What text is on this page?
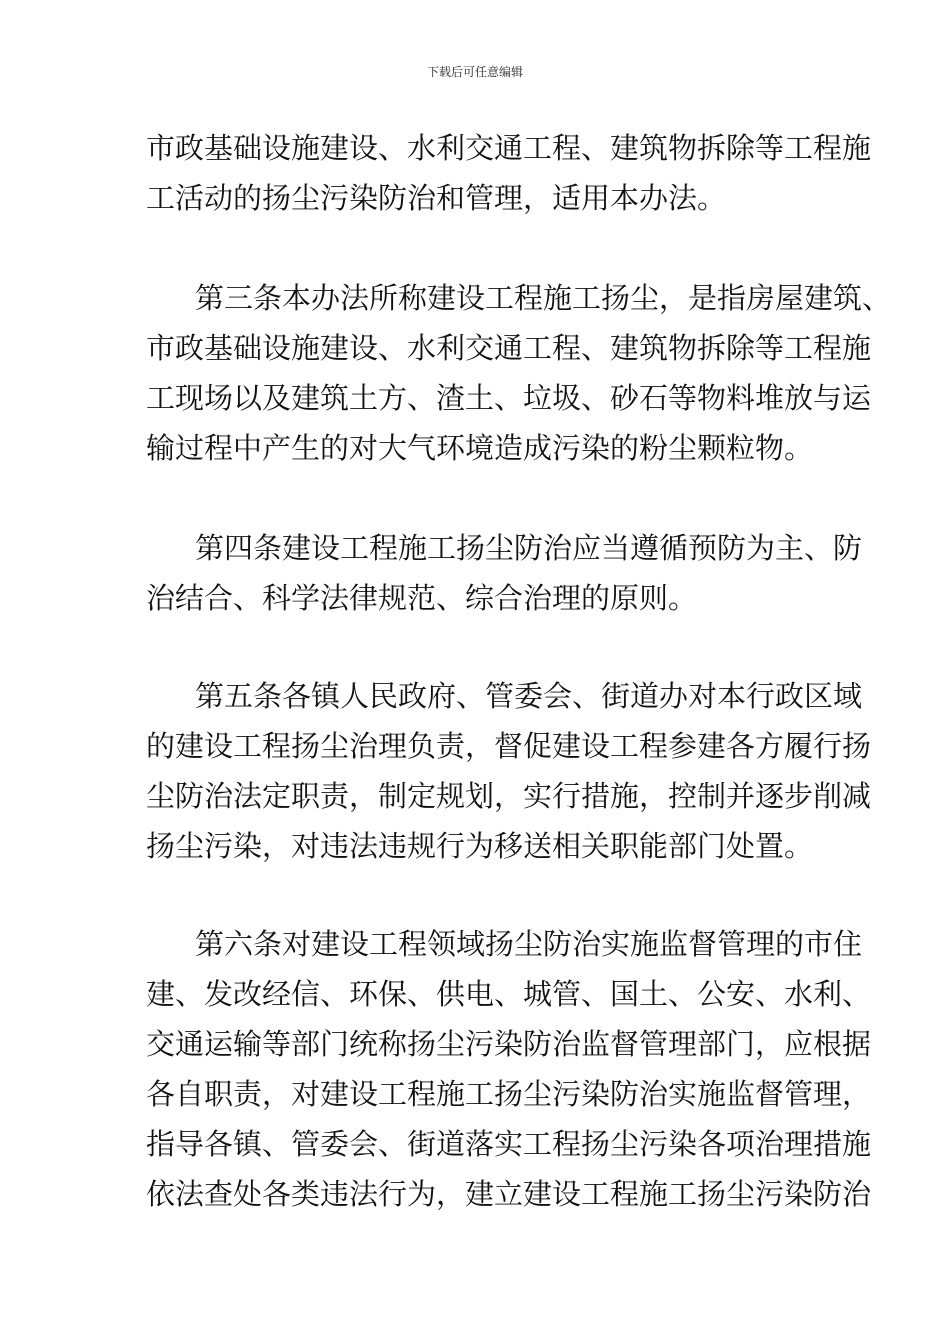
下载后可任意编辑
市政基础设施建设、水利交通工程、建筑物拆除等工程施
工活动的扬尘污染防治和管理，适用本办法。
第三条本办法所称建设工程施工扬尘，是指房屋建筑、
市政基础设施建设、水利交通工程、建筑物拆除等工程施
工现场以及建筑土方、渣土、垃圾、砂石等物料堆放与运
输过程中产生的对大气环境造成污染的粉尘颗粒物。
第四条建设工程施工扬尘防治应当遵循预防为主、防
治结合、科学法律规范、综合治理的原则。
第五条各镇人民政府、管委会、街道办对本行政区域
的建设工程扬尘治理负责，督促建设工程参建各方履行扬
尘防治法定职责，制定规划，实行措施，控制并逐步削减
扬尘污染，对违法违规行为移送相关职能部门处置。
第六条对建设工程领域扬尘防治实施监督管理的市住
建、发改经信、环保、供电、城管、国土、公安、水利、
交通运输等部门统称扬尘污染防治监督管理部门，应根据
各自职责，对建设工程施工扬尘污染防治实施监督管理，
指导各镇、管委会、街道落实工程扬尘污染各项治理措施
依法查处各类违法行为，建立建设工程施工扬尘污染防治
